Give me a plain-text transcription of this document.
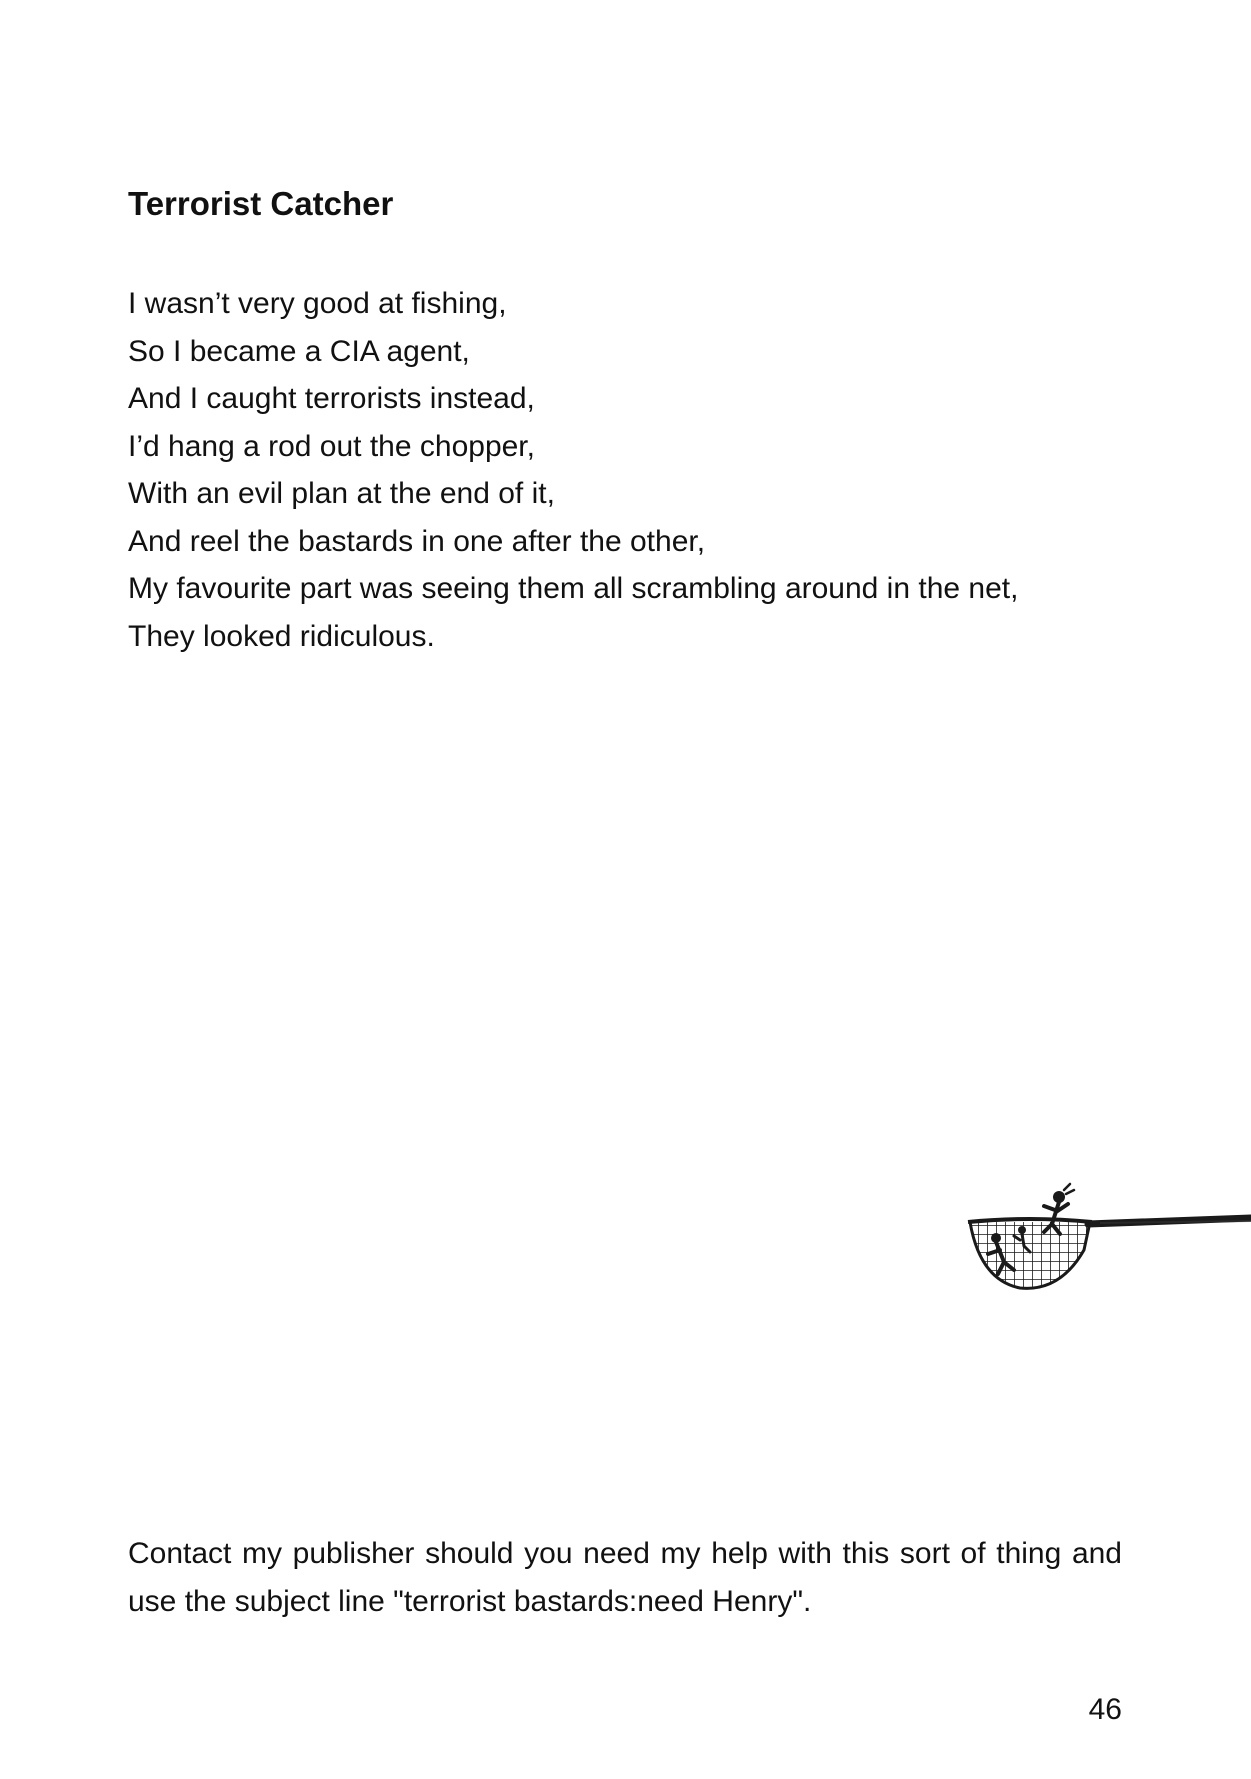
Terrorist Catcher
I wasn’t very good at fishing,
So I became a CIA agent,
And I caught terrorists instead,
I’d hang a rod out the chopper,
With an evil plan at the end of it,
And reel the bastards in one after the other,
My favourite part was seeing them all scrambling around in the net,
They looked ridiculous.

Contact my publisher should you need my help with this sort of thing and use the subject line "terrorist bastards:need Henry".

46
